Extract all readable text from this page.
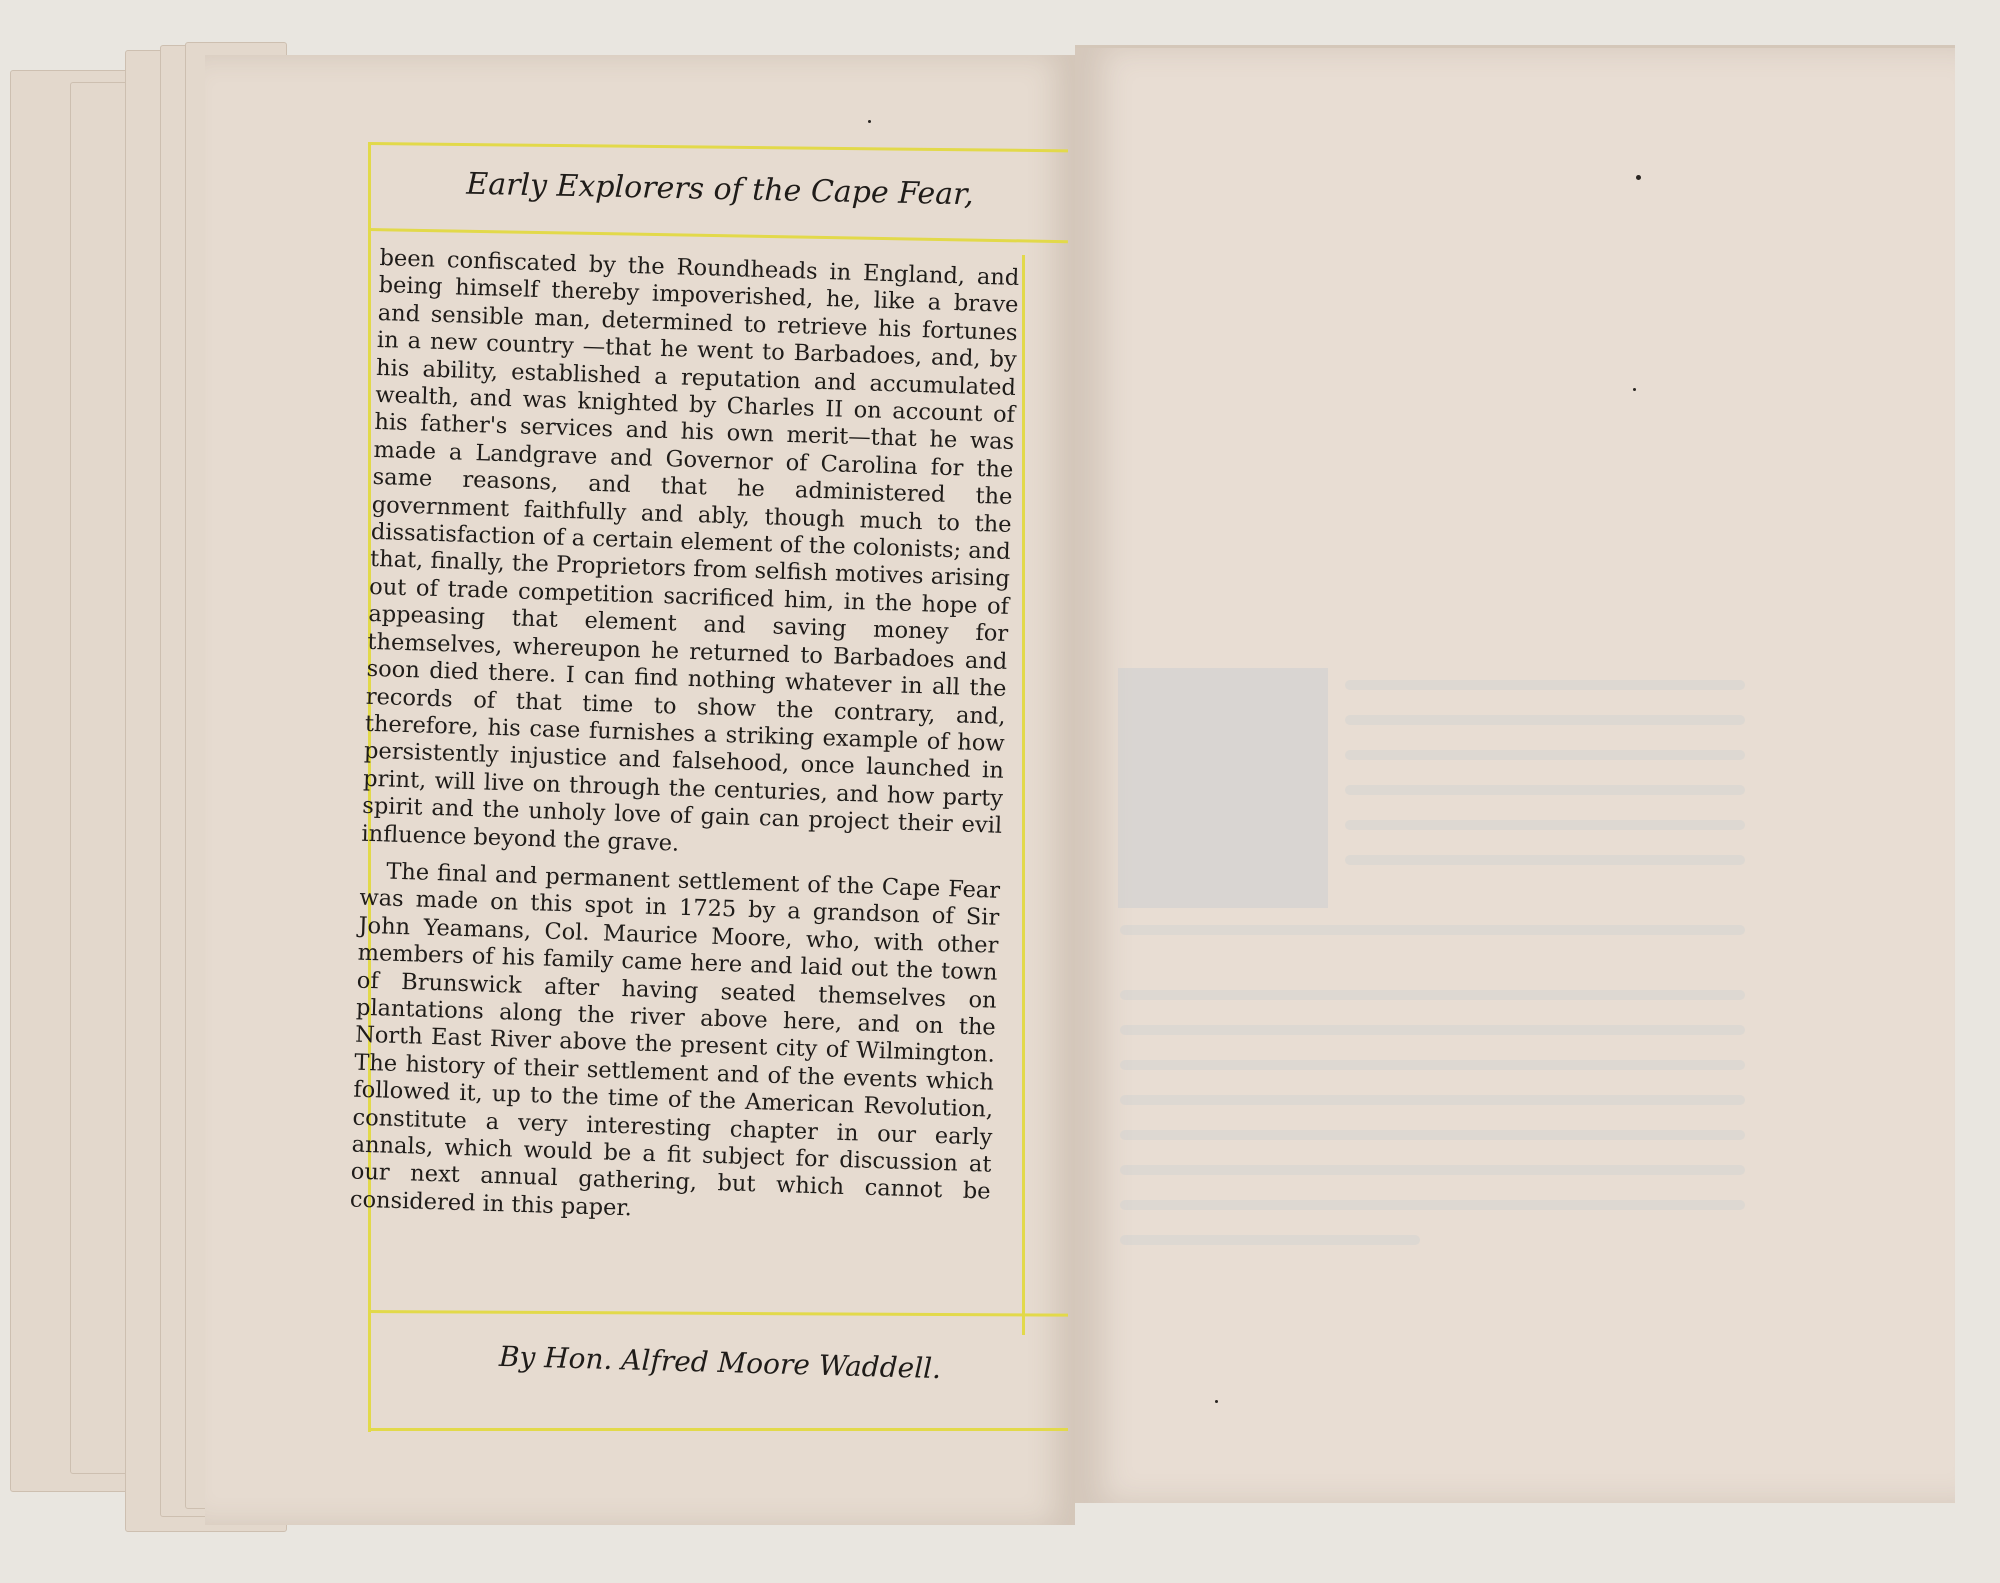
Early Explorers of the Cape Fear,

been confiscated by the Roundheads in England, and being himself thereby impoverished, he, like a brave and sensible man, determined to retrieve his fortunes in a new country —that he went to Barbadoes, and, by his ability, established a reputation and accumulated wealth, and was knighted by Charles II on account of his father's services and his own merit—that he was made a Landgrave and Governor of Carolina for the same reasons, and that he administered the government faithfully and ably, though much to the dissatisfaction of a certain element of the colonists; and that, finally, the Proprietors from selfish motives arising out of trade competition sacrificed him, in the hope of appeasing that element and saving money for themselves, whereupon he returned to Barbadoes and soon died there. I can find nothing whatever in all the records of that time to show the contrary, and, therefore, his case furnishes a striking example of how persistently injustice and falsehood, once launched in print, will live on through the centuries, and how party spirit and the unholy love of gain can project their evil influence beyond the grave.

The final and permanent settlement of the Cape Fear was made on this spot in 1725 by a grandson of Sir John Yeamans, Col. Maurice Moore, who, with other members of his family came here and laid out the town of Brunswick after having seated themselves on plantations along the river above here, and on the North East River above the present city of Wilmington. The history of their settlement and of the events which followed it, up to the time of the American Revolution, constitute a very interesting chapter in our early annals, which would be a fit subject for discussion at our next annual gathering, but which cannot be considered in this paper.

By Hon. Alfred Moore Waddell.
